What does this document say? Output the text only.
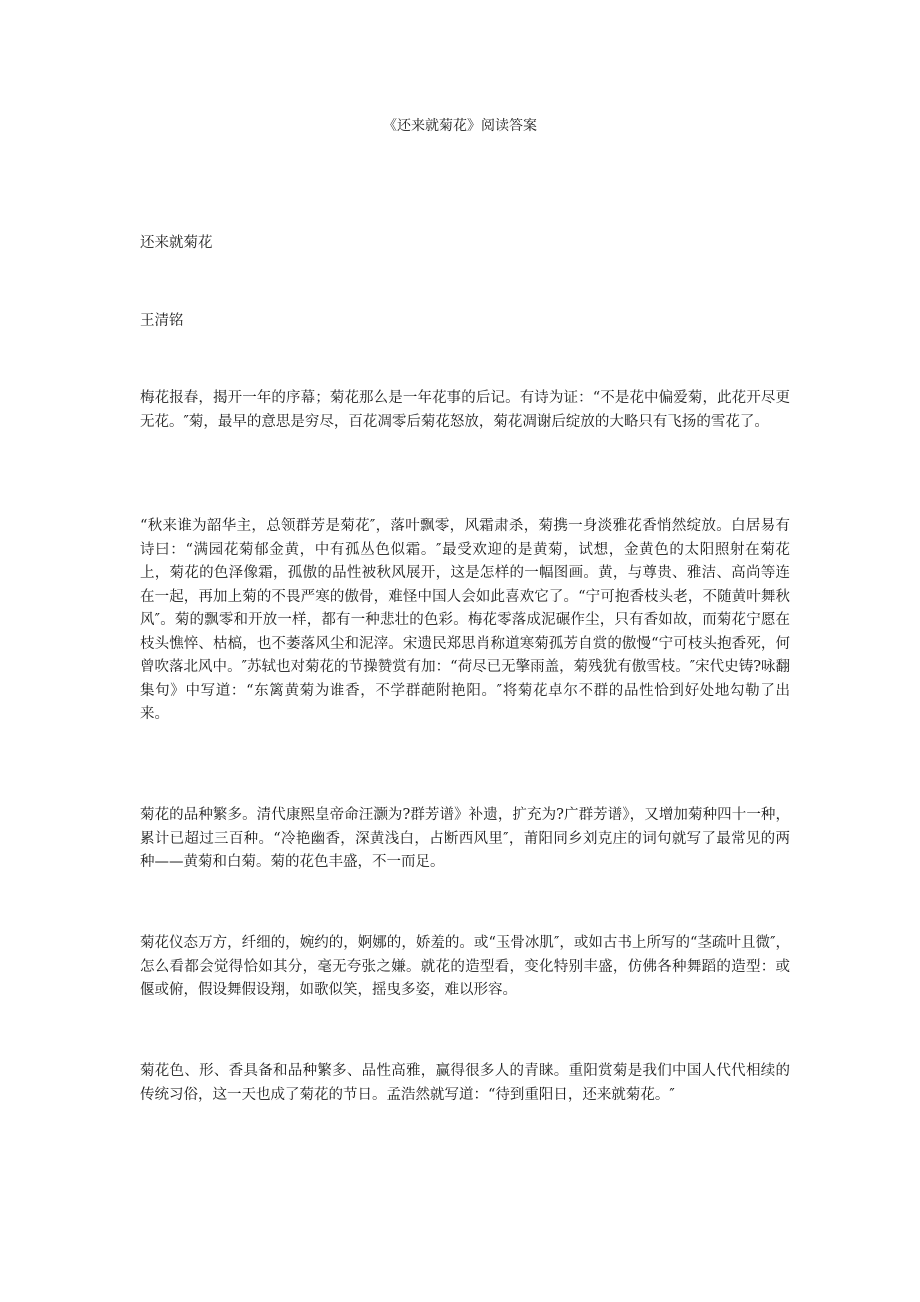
《还来就菊花》阅读答案

还来就菊花

王清铭

梅花报春，揭开一年的序幕；菊花那么是一年花事的后记。有诗为证：“不是花中偏爱菊，此花开尽更无花。″菊，最早的意思是穷尽，百花凋零后菊花怒放，菊花凋谢后绽放的大略只有飞扬的雪花了。

“秋来谁为韶华主，总领群芳是菊花″，落叶飘零，风霜肃杀，菊携一身淡雅花香悄然绽放。白居易有诗曰：“满园花菊郁金黄，中有孤丛色似霜。″最受欢迎的是黄菊，试想，金黄色的太阳照射在菊花上，菊花的色泽像霜，孤傲的品性被秋风展开，这是怎样的一幅图画。黄，与尊贵、雅洁、高尚等连在一起，再加上菊的不畏严寒的傲骨，难怪中国人会如此喜欢它了。“宁可抱香枝头老，不随黄叶舞秋风″。菊的飘零和开放一样，都有一种悲壮的色彩。梅花零落成泥碾作尘，只有香如故，而菊花宁愿在枝头憔悴、枯槁，也不萎落风尘和泥滓。宋遗民郑思肖称道寒菊孤芳自赏的傲慢“宁可枝头抱香死，何曾吹落北风中。″苏轼也对菊花的节操赞赏有加：“荷尽已无擎雨盖，菊残犹有傲雪枝。″宋代史铸?咏翻集句》中写道：“东篱黄菊为谁香，不学群葩附艳阳。″将菊花卓尔不群的品性恰到好处地勾勒了出来。

菊花的品种繁多。清代康熙皇帝命汪灏为?群芳谱》补遗，扩充为?广群芳谱》，又增加菊种四十一种，累计已超过三百种。“冷艳幽香，深黄浅白，占断西风里″，莆阳同乡刘克庄的词句就写了最常见的两种——黄菊和白菊。菊的花色丰盛，不一而足。

菊花仪态万方，纤细的，婉约的，婀娜的，娇羞的。或“玉骨冰肌″，或如古书上所写的“茎疏叶且微″，怎么看都会觉得恰如其分，毫无夸张之嫌。就花的造型看，变化特别丰盛，仿佛各种舞蹈的造型：或偃或俯，假设舞假设翔，如歌似笑，摇曳多姿，难以形容。

菊花色、形、香具备和品种繁多、品性高雅，赢得很多人的青睐。重阳赏菊是我们中国人代代相续的传统习俗，这一天也成了菊花的节日。孟浩然就写道：“待到重阳日，还来就菊花。″
